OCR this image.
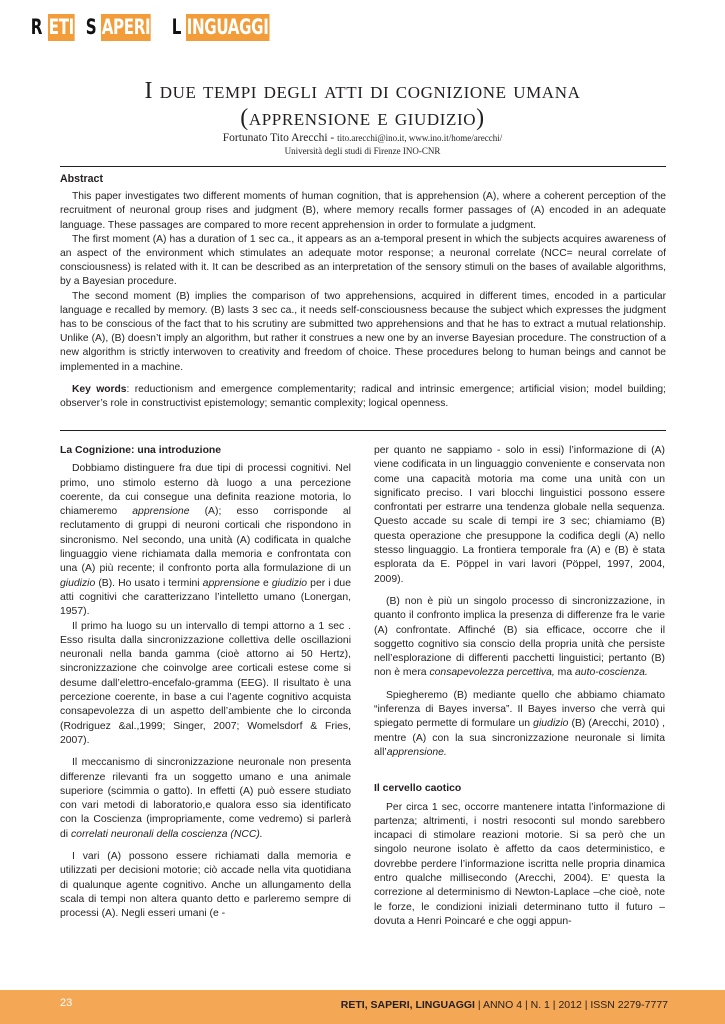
R ETI S APERI L INGUAGGI
I due tempi degli atti di cognizione umana
(apprensione e giudizio)
Fortunato Tito Arecchi - tito.arecchi@ino.it, www.ino.it/home/arecchi/
Università degli studi di Firenze INO-CNR
Abstract

This paper investigates two different moments of human cognition, that is apprehension (A), where a coherent perception of the recruitment of neuronal group rises and judgment (B), where memory recalls former passages of (A) encoded in an adequate language. These passages are compared to more recent apprehension in order to formulate a judgment.

The first moment (A) has a duration of 1 sec ca., it appears as an a-temporal present in which the subjects acquires awareness of an aspect of the environment which stimulates an adequate motor response; a neuronal correlate (NCC= neural correlate of consciousness) is related with it. It can be described as an interpretation of the sensory stimuli on the bases of available algorithms, by a Bayesian procedure.

The second moment (B) implies the comparison of two apprehensions, acquired in different times, encoded in a particular language e recalled by memory. (B) lasts 3 sec ca., it needs self-consciousness because the subject which expresses the judgment has to be conscious of the fact that to his scrutiny are submitted two apprehensions and that he has to extract a mutual relationship. Unlike (A), (B) doesn’t imply an algorithm, but rather it construes a new one by an inverse Bayesian procedure. The construction of a new algorithm is strictly interwoven to creativity and freedom of choice. These procedures belong to human beings and cannot be implemented in a machine.

Key words: reductionism and emergence complementarity; radical and intrinsic emergence; artificial vision; model building; observer’s role in constructivist epistemology; semantic complexity; logical openness.

La Cognizione: una introduzione

Dobbiamo distinguere fra due tipi di processi cognitivi. Nel primo, uno stimolo esterno dà luogo a una percezione coerente, da cui consegue una definita reazione motoria, lo chiameremo apprensione (A); esso corrisponde al reclutamento di gruppi di neuroni corticali che rispondono in sincronismo. Nel secondo, una unità (A) codificata in qualche linguaggio viene richiamata dalla memoria e confrontata con una (A) più recente; il confronto porta alla formulazione di un giudizio (B). Ho usato i termini apprensione e giudizio per i due atti cognitivi che caratterizzano l’intelletto umano (Lonergan, 1957).

Il primo ha luogo su un intervallo di tempi attorno a 1 sec . Esso risulta dalla sincronizzazione collettiva delle oscillazioni neuronali nella banda gamma (cioè attorno ai 50 Hertz), sincronizzazione che coinvolge aree corticali estese come si desume dall’elettro-encefalo-gramma (EEG). Il risultato è una percezione coerente, in base a cui l’agente cognitivo acquista consapevolezza di un aspetto dell’ambiente che lo circonda (Rodriguez &al.,1999; Singer, 2007; Womelsdorf & Fries, 2007).

Il meccanismo di sincronizzazione neuronale non presenta differenze rilevanti fra un soggetto umano e una animale superiore (scimmia o gatto). In effetti (A) può essere studiato con vari metodi di laboratorio,e qualora esso sia identificato con la Coscienza (impropriamente, come vedremo) si parlerà di correlati neuronali della coscienza (NCC).

I vari (A) possono essere richiamati dalla memoria e utilizzati per decisioni motorie; ciò accade nella vita quotidiana di qualunque agente cognitivo. Anche un allungamento della scala di tempi non altera quanto detto e parleremo sempre di processi (A). Negli esseri umani (e -

per quanto ne sappiamo - solo in essi) l’informazione di (A) viene codificata in un linguaggio conveniente e conservata non come una capacità motoria ma come una unità con un significato preciso. I vari blocchi linguistici possono essere confrontati per estrarre una tendenza globale nella sequenza. Questo accade su scale di tempi ire 3 sec; chiamiamo (B) questa operazione che presuppone la codifica degli (A) nello stesso linguaggio. La frontiera temporale fra (A) e (B) è stata esplorata da E. Pöppel in vari lavori (Pöppel, 1997, 2004, 2009).

(B) non è più un singolo processo di sincronizzazione, in quanto il confronto implica la presenza di differenze fra le varie (A) confrontate. Affinché (B) sia efficace, occorre che il soggetto cognitivo sia conscio della propria unità che persiste nell’esplorazione di differenti pacchetti linguistici; pertanto (B) non è mera consapevolezza percettiva, ma auto-coscienza.

Spiegheremo (B) mediante quello che abbiamo chiamato “inferenza di Bayes inversa”. Il Bayes inverso che verrà qui spiegato permette di formulare un giudizio (B) (Arecchi, 2010) , mentre (A) con la sua sincronizzazione neuronale si limita all’apprensione.

Il cervello caotico

Per circa 1 sec, occorre mantenere intatta l’informazione di partenza; altrimenti, i nostri resoconti sul mondo sarebbero incapaci di stimolare reazioni motorie. Si sa però che un singolo neurone isolato è affetto da caos deterministico, e dovrebbe perdere l’informazione iscritta nelle propria dinamica entro qualche millisecondo (Arecchi, 2004). E’ questa la correzione al determinismo di Newton-Laplace –che cioè, note le forze, le condizioni iniziali determinano tutto il futuro – dovuta a Henri Poincaré e che oggi appun-

23	RETI, SAPERI, LINGUAGGI | ANNO 4 | N. 1 | 2012 | ISSN 2279-7777
